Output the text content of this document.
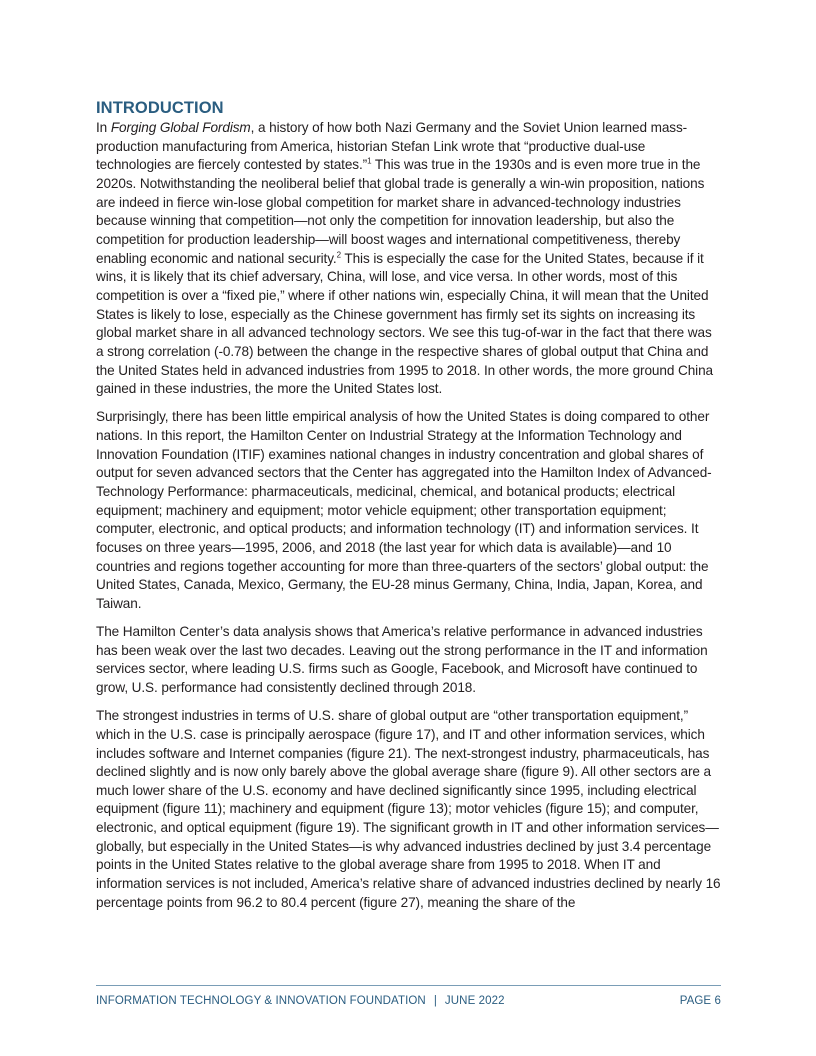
INTRODUCTION

In Forging Global Fordism, a history of how both Nazi Germany and the Soviet Union learned mass-production manufacturing from America, historian Stefan Link wrote that “productive dual-use technologies are fiercely contested by states.”$^1$ This was true in the 1930s and is even more true in the 2020s. Notwithstanding the neoliberal belief that global trade is generally a win-win proposition, nations are indeed in fierce win-lose global competition for market share in advanced-technology industries because winning that competition—not only the competition for innovation leadership, but also the competition for production leadership—will boost wages and international competitiveness, thereby enabling economic and national security.$^2$ This is especially the case for the United States, because if it wins, it is likely that its chief adversary, China, will lose, and vice versa. In other words, most of this competition is over a “fixed pie,” where if other nations win, especially China, it will mean that the United States is likely to lose, especially as the Chinese government has firmly set its sights on increasing its global market share in all advanced technology sectors. We see this tug-of-war in the fact that there was a strong correlation (-0.78) between the change in the respective shares of global output that China and the United States held in advanced industries from 1995 to 2018. In other words, the more ground China gained in these industries, the more the United States lost.

Surprisingly, there has been little empirical analysis of how the United States is doing compared to other nations. In this report, the Hamilton Center on Industrial Strategy at the Information Technology and Innovation Foundation (ITIF) examines national changes in industry concentration and global shares of output for seven advanced sectors that the Center has aggregated into the Hamilton Index of Advanced-Technology Performance: pharmaceuticals, medicinal, chemical, and botanical products; electrical equipment; machinery and equipment; motor vehicle equipment; other transportation equipment; computer, electronic, and optical products; and information technology (IT) and information services. It focuses on three years—1995, 2006, and 2018 (the last year for which data is available)—and 10 countries and regions together accounting for more than three-quarters of the sectors’ global output: the United States, Canada, Mexico, Germany, the EU-28 minus Germany, China, India, Japan, Korea, and Taiwan.

The Hamilton Center’s data analysis shows that America’s relative performance in advanced industries has been weak over the last two decades. Leaving out the strong performance in the IT and information services sector, where leading U.S. firms such as Google, Facebook, and Microsoft have continued to grow, U.S. performance had consistently declined through 2018.

The strongest industries in terms of U.S. share of global output are “other transportation equipment,” which in the U.S. case is principally aerospace (figure 17), and IT and other information services, which includes software and Internet companies (figure 21). The next-strongest industry, pharmaceuticals, has declined slightly and is now only barely above the global average share (figure 9). All other sectors are a much lower share of the U.S. economy and have declined significantly since 1995, including electrical equipment (figure 11); machinery and equipment (figure 13); motor vehicles (figure 15); and computer, electronic, and optical equipment (figure 19). The significant growth in IT and other information services—globally, but especially in the United States—is why advanced industries declined by just 3.4 percentage points in the United States relative to the global average share from 1995 to 2018. When IT and information services is not included, America’s relative share of advanced industries declined by nearly 16 percentage points from 96.2 to 80.4 percent (figure 27), meaning the share of the

INFORMATION TECHNOLOGY & INNOVATION FOUNDATION | JUNE 2022	PAGE 6
